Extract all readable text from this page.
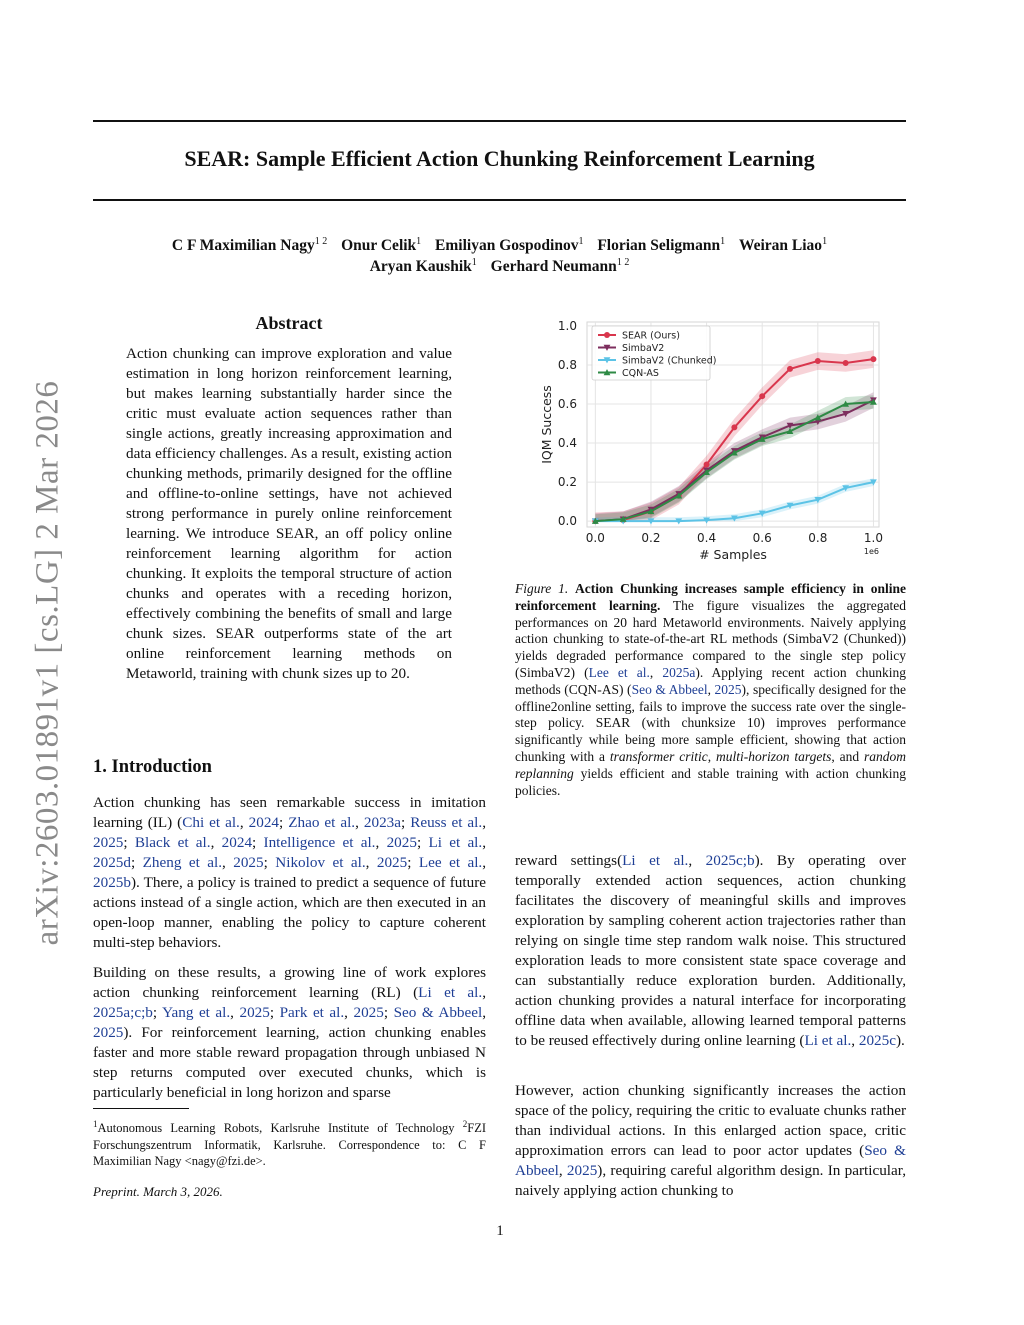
SEAR: Sample Efficient Action Chunking Reinforcement Learning
C F Maximilian Nagy$^{1 2}$ Onur Celik$^1$ Emiliyan Gospodinov$^1$ Florian Seligmann$^1$ Weiran Liao$^1$
Aryan Kaushik$^1$ Gerhard Neumann$^{1 2}$
arXiv:2603.01891v1 [cs.LG] 2 Mar 2026
Abstract

Action chunking can improve exploration and value estimation in long horizon reinforcement learning, but makes learning substantially harder since the critic must evaluate action sequences rather than single actions, greatly increasing approximation and data efficiency challenges. As a result, existing action chunking methods, primarily designed for the offline and offline-to-online settings, have not achieved strong performance in purely online reinforcement learning. We introduce SEAR, an off policy online reinforcement learning algorithm for action chunking. It exploits the temporal structure of action chunks and operates with a receding horizon, effectively combining the benefits of small and large chunk sizes. SEAR outperforms state of the art online reinforcement learning methods on Metaworld, training with chunk sizes up to 20.

1. Introduction

Action chunking has seen remarkable success in imitation learning (IL) (Chi et al., 2024; Zhao et al., 2023a; Reuss et al., 2025; Black et al., 2024; Intelligence et al., 2025; Li et al., 2025d; Zheng et al., 2025; Nikolov et al., 2025; Lee et al., 2025b). There, a policy is trained to predict a sequence of future actions instead of a single action, which are then executed in an open-loop manner, enabling the policy to capture coherent multi-step behaviors.

Building on these results, a growing line of work explores action chunking reinforcement learning (RL) (Li et al., 2025a;c;b; Yang et al., 2025; Park et al., 2025; Seo & Abbeel, 2025). For reinforcement learning, action chunking enables faster and more stable reward propagation through unbiased N step returns computed over executed chunks, which is particularly beneficial in long horizon and sparse

reward settings(Li et al., 2025c;b). By operating over temporally extended action sequences, action chunking facilitates the discovery of meaningful skills and improves exploration by sampling coherent action trajectories rather than relying on single time step random walk noise. This structured exploration leads to more consistent state space coverage and can substantially reduce exploration burden. Additionally, action chunking provides a natural interface for incorporating offline data when available, allowing learned temporal patterns to be reused effectively during online learning (Li et al., 2025c).

However, action chunking significantly increases the action space of the policy, requiring the critic to evaluate chunks rather than individual actions. In this enlarged action space, critic approximation errors can lead to poor actor updates (Seo & Abbeel, 2025), requiring careful algorithm design. In particular, naively applying action chunking to

$^1$Autonomous Learning Robots, Karlsruhe Institute of Technology $^2$FZI Forschungszentrum Informatik, Karlsruhe. Correspondence to: C F Maximilian Nagy <nagy@fzi.de>.

Preprint. March 3, 2026.

1

0.0	0.2	0.4	0.6	0.8	1.0
0.0
0.2
0.4
0.6
0.8
1.0
# Samples	1e6
IQM Success
SEAR (Ours)
SimbaV2
SimbaV2 (Chunked)
CQN-AS

Figure 1. Action Chunking increases sample efficiency in online reinforcement learning. The figure visualizes the aggregated performances on 20 hard Metaworld environments. Naively applying action chunking to state-of-the-art RL methods (SimbaV2 (Chunked)) yields degraded performance compared to the single step policy (SimbaV2) (Lee et al., 2025a). Applying recent action chunking methods (CQN-AS) (Seo & Abbeel, 2025), specifically designed for the offline2online setting, fails to improve the success rate over the single-step policy. SEAR (with chunksize 10) improves performance significantly while being more sample efficient, showing that action chunking with a transformer critic, multi-horizon targets, and random replanning yields efficient and stable training with action chunking policies.
